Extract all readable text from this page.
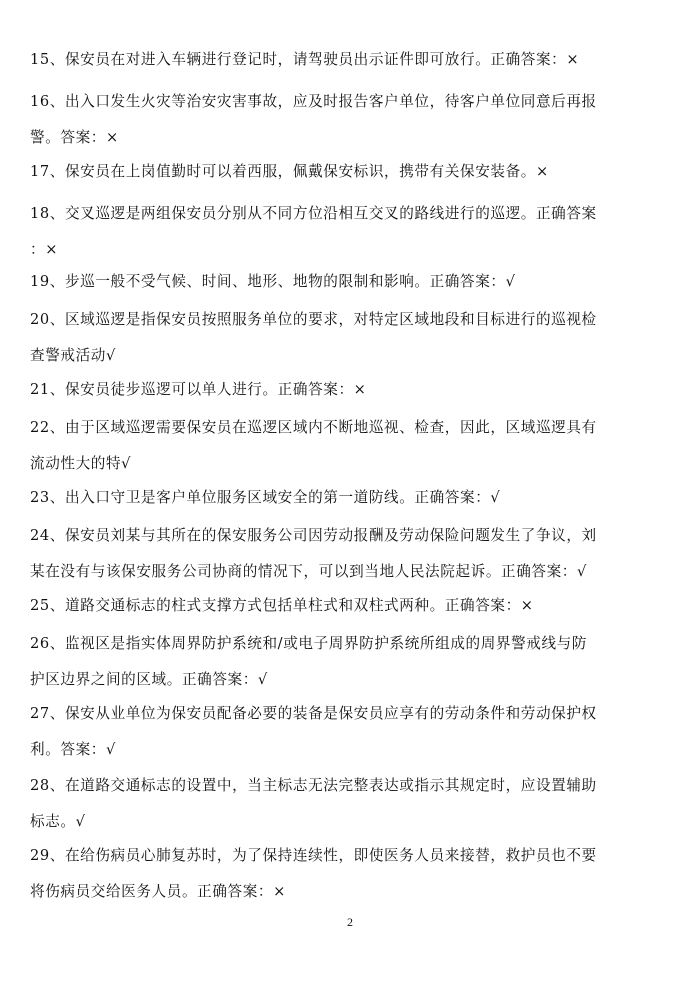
15、保安员在对进入车辆进行登记时，请驾驶员出示证件即可放行。正确答案：×

16、出入口发生火灾等治安灾害事故，应及时报告客户单位，待客户单位同意后再报

警。答案：×

17、保安员在上岗值勤时可以着西服，佩戴保安标识，携带有关保安装备。×

18、交叉巡逻是两组保安员分别从不同方位沿相互交叉的路线进行的巡逻。正确答案

：×

19、步巡一般不受气候、时间、地形、地物的限制和影响。正确答案：√

20、区域巡逻是指保安员按照服务单位的要求，对特定区域地段和目标进行的巡视检

查警戒活动√

21、保安员徒步巡逻可以单人进行。正确答案：×

22、由于区域巡逻需要保安员在巡逻区域内不断地巡视、检查，因此，区域巡逻具有

流动性大的特√

23、出入口守卫是客户单位服务区域安全的第一道防线。正确答案：√

24、保安员刘某与其所在的保安服务公司因劳动报酬及劳动保险问题发生了争议，刘

某在没有与该保安服务公司协商的情况下，可以到当地人民法院起诉。正确答案：√

25、道路交通标志的柱式支撑方式包括单柱式和双柱式两种。正确答案：×

26、监视区是指实体周界防护系统和/或电子周界防护系统所组成的周界警戒线与防

护区边界之间的区域。正确答案：√

27、保安从业单位为保安员配备必要的装备是保安员应享有的劳动条件和劳动保护权

利。答案：√

28、在道路交通标志的设置中，当主标志无法完整表达或指示其规定时，应设置辅助

标志。√

29、在给伤病员心肺复苏时，为了保持连续性，即使医务人员来接替，救护员也不要

将伤病员交给医务人员。正确答案：×

2
